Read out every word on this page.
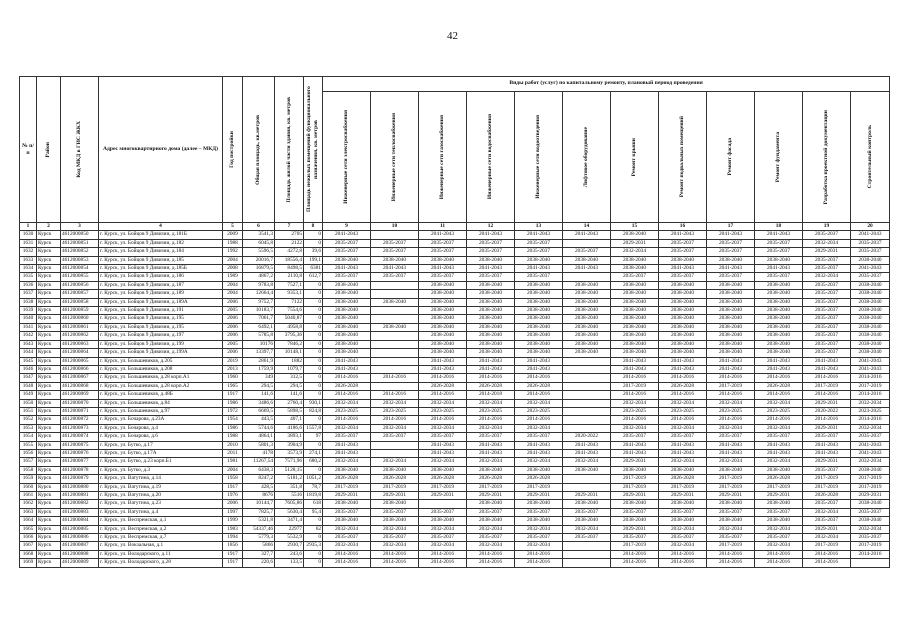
42
№ п/п	Район	Код МКД в ГИС ЖКХ	Адрес многоквартирного дома (далее – МКД)	Год постройки	Общая площадь, кв.метров	Площадь жилой части здания, кв. метров	Площадь нежилых помещений функционального назначения, кв. метров	Виды работ (услуг) по капитальному ремонту, плановый период проведения											

								Инженерные сети электроснабжения	Инженерные сети теплоснабжения	Инженерные сети газоснабжения	Инженерные сети водоснабжения	Инженерные сети водоотведения	Лифтовое оборудование	Ремонт крыши	Ремонт подвальных помещений	Ремонт фасада	Ремонт фундамента	Разработка проектной документации	Строительный контроль

1	2	3	4	5	6	7	8	9	10	11	12	13	14	15	16	17	18	19	20
1630	Курск	4612000850	г. Курск, ул. Бойцов 9 Дивизии, д.181Б	2009	3541,3	2705	0	2041-2043		2041-2043	2041-2043	2041-2043	2041-2043	2038-2040	2041-2043	2041-2043	2041-2043	2035-2037	2041-2043
1631	Курск	4612000851	г. Курск, ул. Бойцов 9 Дивизии, д.182	1988	6045,8	2122	0	2035-2037	2035-2037	2035-2037	2035-2037	2035-2037		2029-2031	2035-2037	2035-2037	2035-2037	2032-2034	2035-2037
1632	Курск	4612000852	г. Курск, ул. Бойцов 9 Дивизии, д.184	1992	5596,5	4272,8	39,6	2035-2037	2035-2037	2035-2037	2035-2037	2035-2037	2035-2037	2032-2034	2035-2037	2035-2037	2035-2037	2029-2031	2035-2037
1633	Курск	4612000853	г. Курск, ул. Бойцов 9 Дивизии, д.185	2004	20016,7	18556,4	199,1	2038-2040	2038-2040	2038-2040	2038-2040	2038-2040	2038-2040	2038-2040	2038-2040	2038-2040	2038-2040	2035-2037	2038-2040
1634	Курск	4612000854	г. Курск, ул. Бойцов 9 Дивизии, д.185Б	2008	16879,5	8498,5	6381	2041-2043	2041-2043	2041-2043	2041-2043	2041-2043	2041-2043	2038-2040	2041-2043	2041-2043	2041-2043	2035-2037	2041-2043
1635	Курск	4612000855	г. Курск, ул. Бойцов 9 Дивизии, д.186	1989	4867,2	2110,8	612,7	2035-2037	2035-2037	2035-2037	2035-2037	2035-2037		2035-2037	2035-2037	2035-2037	2035-2037	2032-2034	2035-2037
1636	Курск	4612000856	г. Курск, ул. Бойцов 9 Дивизии, д.187	2004	9783,8	7527,1	0	2038-2040		2038-2040	2038-2040	2038-2040	2038-2040	2038-2040	2038-2040	2038-2040	2038-2040	2035-2037	2038-2040
1637	Курск	4612000857	г. Курск, ул. Бойцов 9 Дивизии, д.189	2004	12664,4	9353,1	0	2038-2040		2038-2040	2038-2040	2038-2040	2038-2040	2038-2040	2038-2040	2038-2040	2038-2040	2035-2037	2038-2040
1638	Курск	4612000858	г. Курск, ул. Бойцов 9 Дивизии, д.189А	2006	9752,7	7122	0	2038-2040	2038-2040	2038-2040	2038-2040	2038-2040	2038-2040	2038-2040	2038-2040	2038-2040	2038-2040	2035-2037	2038-2040
1639	Курск	4612000859	г. Курск, ул. Бойцов 9 Дивизии, д.191	2005	10183,7	7554,6	0	2038-2040		2038-2040	2038-2040	2038-2040	2038-2040	2038-2040	2038-2040	2038-2040	2038-2040	2035-2037	2038-2040
1640	Курск	4612000860	г. Курск, ул. Бойцов 9 Дивизии, д.195	2006	7061,7	5040,87	0	2038-2040		2038-2040	2038-2040	2038-2040	2038-2040	2038-2040	2038-2040	2038-2040	2038-2040	2035-2037	2038-2040
1641	Курск	4612000861	г. Курск, ул. Бойцов 9 Дивизии, д.195	2006	6492,1	4958,8	0	2038-2040	2038-2040	2038-2040	2038-2040	2038-2040	2038-2040	2038-2040	2038-2040	2038-2040	2038-2040	2035-2037	2038-2040
1642	Курск	4612000862	г. Курск, ул. Бойцов 9 Дивизии, д.197	2006	5785,8	3795,36	0	2038-2040		2038-2040	2038-2040	2038-2040	2038-2040	2038-2040	2038-2040	2038-2040	2038-2040	2035-2037	2038-2040
1643	Курск	4612000863	г. Курск, ул. Бойцов 9 Дивизии, д.199	2005	10176	7846,2	0	2038-2040		2038-2040	2038-2040	2038-2040	2038-2040	2038-2040	2038-2040	2038-2040	2038-2040	2035-2037	2038-2040
1644	Курск	4612000864	г. Курск, ул. Бойцов 9 Дивизии, д.199А	2006	13397,7	10148,1	0	2038-2040		2038-2040	2038-2040	2038-2040	2038-2040	2038-2040	2038-2040	2038-2040	2038-2040	2035-2037	2038-2040
1645	Курск	4612000865	г. Курск, ул. Большевиков, д.205	2019	2861,9	1882	0	2041-2043		2041-2043	2041-2043	2041-2043		2041-2043	2041-2043	2041-2043	2041-2043	2041-2043	2041-2043
1646	Курск	4612000866	г. Курск, ул. Большевиков, д.208	2013	1759,9	1079,7	0	2041-2043		2041-2043	2041-2043	2041-2043		2041-2043	2041-2043	2041-2043	2041-2043	2041-2043	2041-2043
1647	Курск	4612000867	г. Курск, ул. Большевиков, д.28 корп.А1	1960	349	312,5	0	2014-2016	2014-2016	2014-2016	2014-2016	2014-2016		2014-2016	2014-2016	2014-2016	2014-2016	2014-2016	2014-2016
1648	Курск	4612000868	г. Курск, ул. Большевиков, д.28 корп.А2	1965	294,5	294,5	0	2026-2028		2026-2028	2026-2028	2026-2028		2017-2019	2026-2028	2017-2019	2026-2028	2017-2019	2017-2019
1649	Курск	4612000869	г. Курск, ул. Большевиков, д.48Б	1917	141,6	141,6	0	2014-2016	2014-2016	2014-2016	2014-2018	2014-2016		2014-2016	2014-2016	2014-2016	2014-2016	2014-2016	2014-2016
1650	Курск	4612000870	г. Курск, ул. Большевиков, д.84	1986	3486,6	2760,4	930,1	2032-2034	2032-2034	2032-2034	2032-2034	2032-2034		2032-2034	2032-2034	2032-2034	2032-2034	2029-2031	2032-2034
1651	Курск	4612000871	г. Курск, ул. Большевиков, д.97	1972	6669,5	5898,5	824,8	2023-2025	2023-2025	2023-2025	2023-2025	2023-2025		2023-2025	2023-2025	2023-2025	2023-2025	2020-2022	2023-2025
1652	Курск	4612000872	г. Курск, ул. Бочарова, д.23А	1954	443,5	407,1	0	2014-2016	2014-2016	2014-2016	2014-2016	2014-2016		2014-2016	2014-2016	2014-2016	2014-2016	2014-2016	2014-2016
1653	Курск	4612000873	г. Курск, ул. Бочарова, д.4	1986	5744,6	4186,6	1557,8	2032-2034	2032-2034	2032-2034	2032-2034	2032-2034		2032-2034	2032-2034	2032-2034	2032-2034	2029-2031	2032-2034
1654	Курск	4612000874	г. Курск, ул. Бочарова, д.6	1988	4864,1	3893,1	97	2035-2037	2035-2037	2035-2037	2035-2037	2035-2037	2020-2022	2035-2037	2035-2037	2035-2037	2035-2037	2035-2037	2035-2037
1655	Курск	4612000875	г. Курск, ул. Бутко, д.17	2010	5801,3	3904,9	0	2041-2043		2041-2043	2041-2043	2041-2043	2041-2043	2041-2043	2041-2043	2041-2043	2041-2043	2041-2043	2041-2043
1656	Курск	4612000876	г. Курск, ул. Бутко, д.17А	2011	4178	3573,9	274,1	2041-2043		2041-2043	2041-2043	2041-2043	2041-2043	2041-2043	2041-2043	2041-2043	2041-2043	2041-2043	2041-2043
1657	Курск	4612000877	г. Курск, ул. Бутко, д.23 корп.Б1	1981	11267,54	7571,96	680,2	2032-2034	2032-2034	2032-2034	2032-2034	2032-2034	2032-2034	2029-2031	2032-2034	2032-2034	2032-2034	2029-2031	2032-2034
1658	Курск	4612000878	г. Курск, ул. Бутко, д.3	2004	6438,3	5128,15	0	2038-2040	2038-2040	2038-2040	2038-2040	2038-2040	2038-2040	2038-2040	2038-2040	2038-2040	2038-2040	2035-2037	2038-2040
1659	Курск	4612000879	г. Курск, ул. Ватутина, д.14	1958	8247,2	5181,2	1051,2	2026-2028	2026-2028	2026-2028	2026-2028	2026-2028		2017-2019	2026-2028	2017-2019	2026-2028	2017-2019	2017-2019
1660	Курск	4612000880	г. Курск, ул. Ватутина, д.19	1917	428,5	351,8	78,7	2017-2019	2017-2019	2017-2019	2017-2019	2017-2019		2017-2019	2017-2019	2017-2019	2017-2019	2017-2019	2017-2019
1661	Курск	4612000881	г. Курск, ул. Ватутина, д.20	1976	8676	5516	1819,8	2029-2031	2029-2031	2029-2031	2029-2031	2029-2031	2029-2031	2029-2031	2029-2031	2029-2031	2029-2031	2026-2028	2029-2031
1662	Курск	4612000882	г. Курск, ул. Ватутина, д.23	2006	10144,7	7605,86	618	2038-2040	2038-2040		2038-2040	2038-2040	2038-2040	2038-2040	2038-2040	2038-2040	2038-2040	2035-2037	2038-2040
1663	Курск	4612000883	г. Курск, ул. Ватутина, д.4	1997	7825,7	5630,4	95,4	2035-2037	2035-2037	2035-2037	2035-2037	2035-2037	2035-2037	2035-2037	2035-2037	2035-2037	2035-2037	2032-2034	2035-2037
1664	Курск	4612000884	г. Курск, ул. Веспремская, д.1	1999	5321,8	3471,4	0	2038-2040	2038-2040	2038-2040	2038-2040	2038-2040	2038-2040	2038-2040	2038-2040	2038-2040	2038-2040	2035-2037	2038-2040
1665	Курск	4612000885	г. Курск, ул. Веспремская, д.2	1983	54337,46	22977	62	2032-2034	2032-2034	2032-2034	2032-2034	2032-2034	2032-2034	2029-2031	2032-2034	2032-2034	2032-2034	2029-2031	2032-2034
1666	Курск	4612000886	г. Курск, ул. Веспремская, д.7	1994	5779,3	5532,9	0	2035-2037	2035-2037	2035-2037	2035-2037	2035-2037	2035-2037	2035-2037	2035-2037	2035-2037	2035-2037	2032-2034	2035-2037
1667	Курск	4612000887	г. Курск, ул. Вокзальная, д.1	1856	5866	2930,7	2935,3	2032-2034	2032-2034	2032-2034	2032-2034	2032-2034		2017-2019	2032-2034	2017-2019	2032-2034	2017-2019	2017-2019
1668	Курск	4612000888	г. Курск, ул. Володарского, д.11	1917	327,7	243,6	0	2014-2016	2014-2016	2014-2016	2014-2016	2014-2016		2014-2016	2014-2016	2014-2016	2014-2016	2014-2016	2014-2016
1669	Курск	4612000889	г. Курск, ул. Володарского, д.28	1917	220,6	133,5	0	2014-2016	2014-2016	2014-2016	2014-2016	2014-2016		2014-2016	2014-2016	2014-2016	2014-2016	2014-2016	
